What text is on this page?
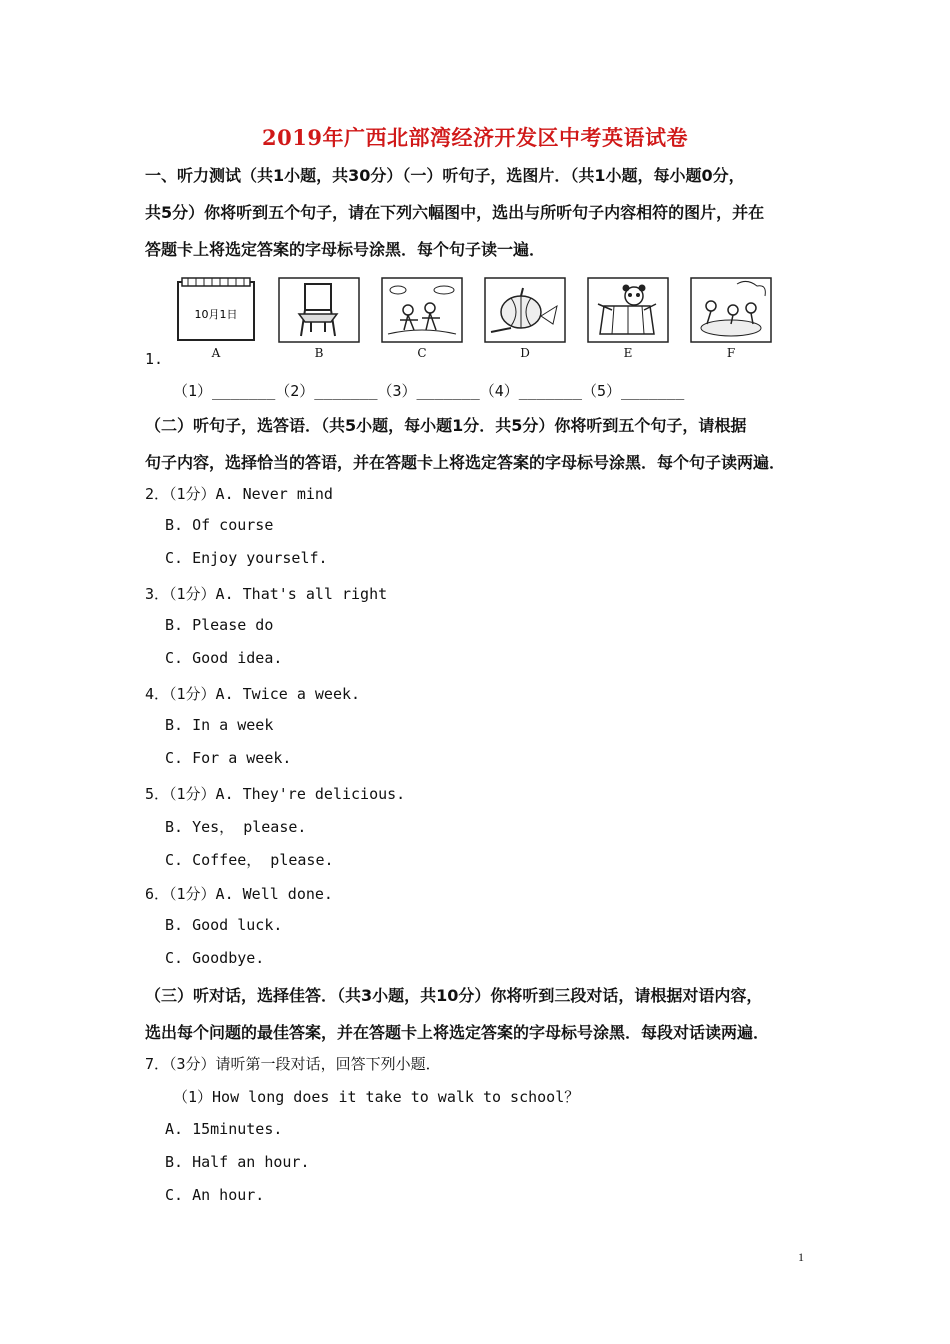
2019年广西北部湾经济开发区中考英语试卷
一、听力测试（共1小题，共30分）（一）听句子，选图片．（共1小题，每小题0分，
共5分）你将听到五个句子，请在下列六幅图中，选出与所听句子内容相符的图片，并在
答题卡上将选定答案的字母标号涂黑．每个句子读一遍．
1.
10月1日
A	B	C	D	E	F
（1）_______（2）_______（3）_______（4）_______（5）_______
（二）听句子，选答语．（共5小题，每小题1分．共5分）你将听到五个句子，请根据
句子内容，选择恰当的答语，并在答题卡上将选定答案的字母标号涂黑．每个句子读两遍．
2．（1分）A. Never mind
B. Of course
C. Enjoy yourself.
3．（1分）A. That's all right
B. Please do
C. Good idea.
4．（1分）A. Twice a week.
B. In a week
C. For a week.
5．（1分）A. They're delicious.
B. Yes， please.
C. Coffee， please.
6．（1分）A. Well done.
B. Good luck.
C. Goodbye.
（三）听对话，选择佳答．（共3小题，共10分）你将听到三段对话，请根据对语内容，
选出每个问题的最佳答案，并在答题卡上将选定答案的字母标号涂黑．每段对话读两遍．
7．（3分）请听第一段对话，回答下列小题．
（1）How long does it take to walk to school？
A. 15minutes.
B. Half an hour.
C. An hour.
1
